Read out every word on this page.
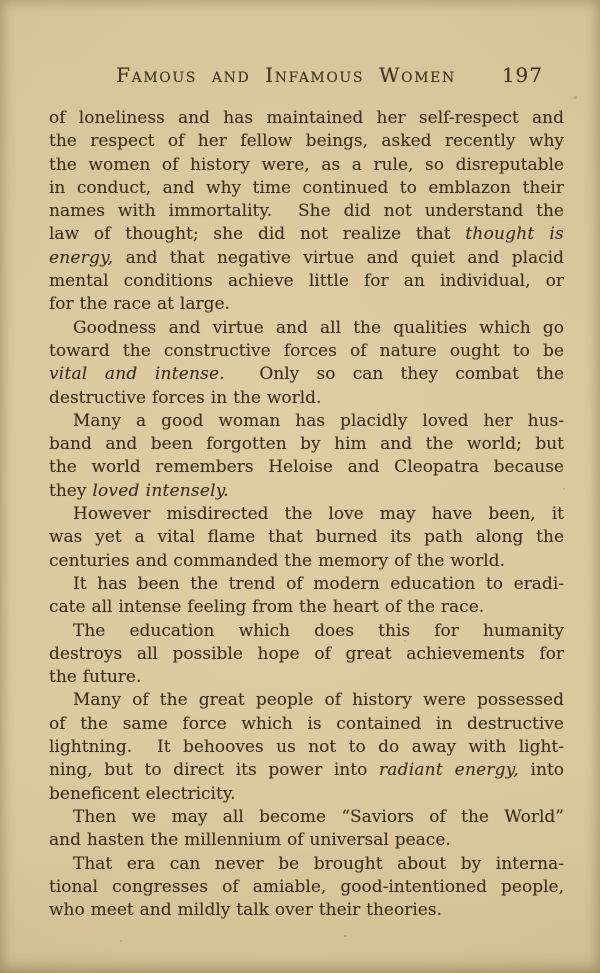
Famous and Infamous Women	197
of loneliness and has maintained her self-respect and
the respect of her fellow beings, asked recently why
the women of history were, as a rule, so disreputable
in conduct, and why time continued to emblazon their
names with immortality.  She did not understand the
law of thought; she did not realize that thought is
energy, and that negative virtue and quiet and placid
mental conditions achieve little for an individual, or
for the race at large.
Goodness and virtue and all the qualities which go
toward the constructive forces of nature ought to be
vital and intense.  Only so can they combat the
destructive forces in the world.
Many a good woman has placidly loved her hus-
band and been forgotten by him and the world; but
the world remembers Heloise and Cleopatra because
they loved intensely.
However misdirected the love may have been, it
was yet a vital flame that burned its path along the
centuries and commanded the memory of the world.
It has been the trend of modern education to eradi-
cate all intense feeling from the heart of the race.
The education which does this for humanity
destroys all possible hope of great achievements for
the future.
Many of the great people of history were possessed
of the same force which is contained in destructive
lightning.  It behooves us not to do away with light-
ning, but to direct its power into radiant energy, into
beneficent electricity.
Then we may all become “Saviors of the World”
and hasten the millennium of universal peace.
That era can never be brought about by interna-
tional congresses of amiable, good-intentioned people,
who meet and mildly talk over their theories.
